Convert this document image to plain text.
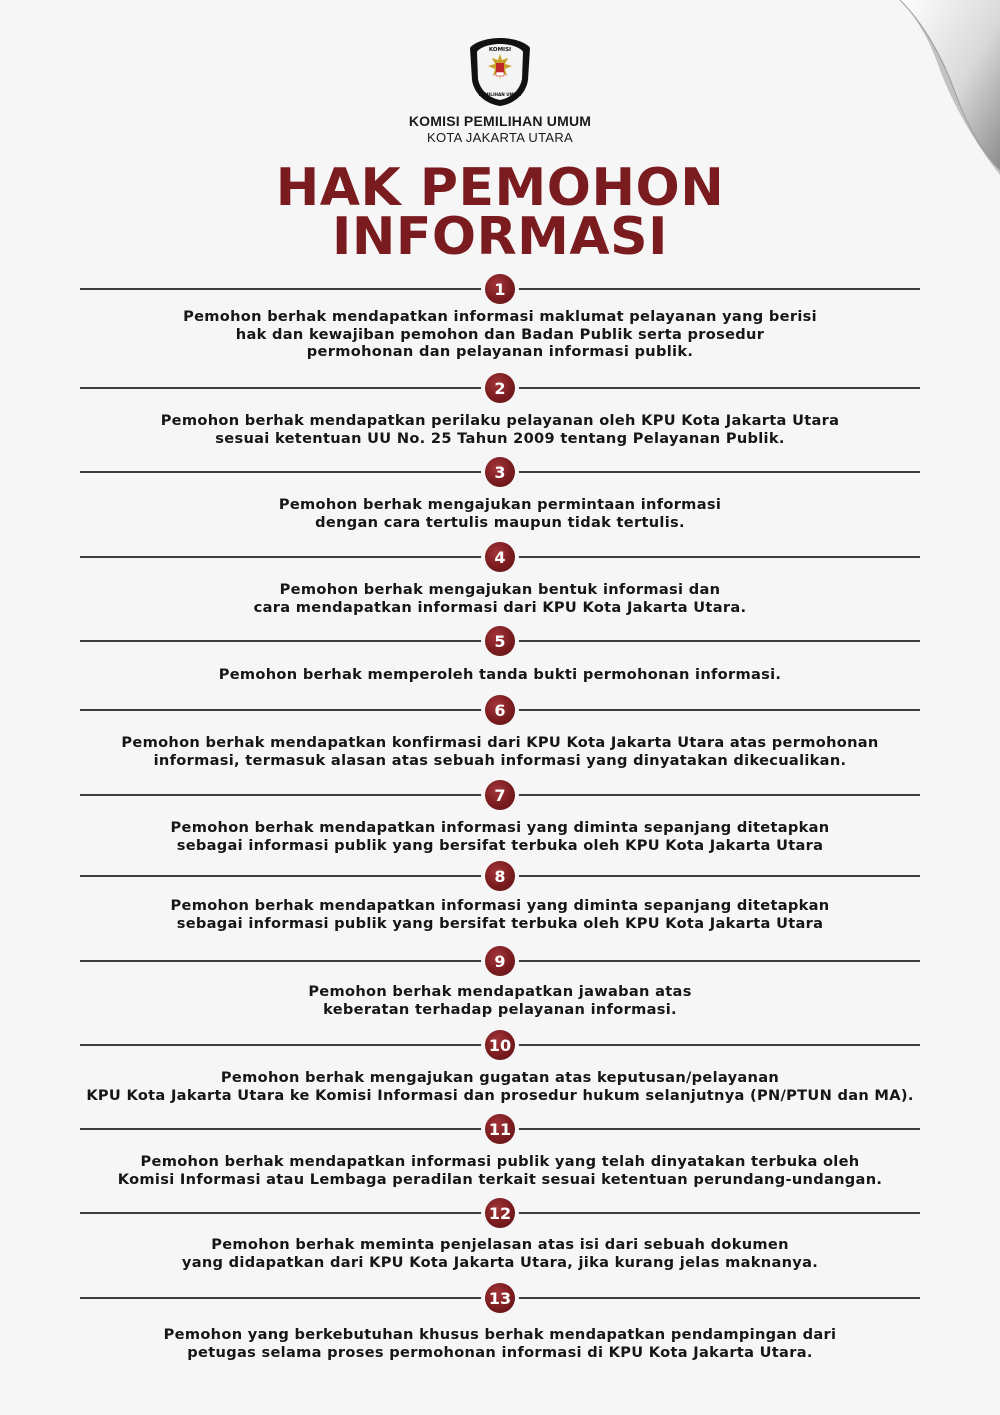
KOMISI
PEMILIHAN UMUM
KOMISI PEMILIHAN UMUM
KOTA JAKARTA UTARA
HAK PEMOHON
INFORMASI
1
Pemohon berhak mendapatkan informasi maklumat pelayanan yang berisi
hak dan kewajiban pemohon dan Badan Publik serta prosedur
permohonan dan pelayanan informasi publik.
2
Pemohon berhak mendapatkan perilaku pelayanan oleh KPU Kota Jakarta Utara
sesuai ketentuan UU No. 25 Tahun 2009 tentang Pelayanan Publik.
3
Pemohon berhak mengajukan permintaan informasi
dengan cara tertulis maupun tidak tertulis.
4
Pemohon berhak mengajukan bentuk informasi dan
cara mendapatkan informasi dari KPU Kota Jakarta Utara.
5
Pemohon berhak memperoleh tanda bukti permohonan informasi.
6
Pemohon berhak mendapatkan konfirmasi dari KPU Kota Jakarta Utara atas permohonan
informasi, termasuk alasan atas sebuah informasi yang dinyatakan dikecualikan.
7
Pemohon berhak mendapatkan informasi yang diminta sepanjang ditetapkan
sebagai informasi publik yang bersifat terbuka oleh KPU Kota Jakarta Utara
8
Pemohon berhak mendapatkan informasi yang diminta sepanjang ditetapkan
sebagai informasi publik yang bersifat terbuka oleh KPU Kota Jakarta Utara
9
Pemohon berhak mendapatkan jawaban atas
keberatan terhadap pelayanan informasi.
10
Pemohon berhak mengajukan gugatan atas keputusan/pelayanan
KPU Kota Jakarta Utara ke Komisi Informasi dan prosedur hukum selanjutnya (PN/PTUN dan MA).
11
Pemohon berhak mendapatkan informasi publik yang telah dinyatakan terbuka oleh
Komisi Informasi atau Lembaga peradilan terkait sesuai ketentuan perundang-undangan.
12
Pemohon berhak meminta penjelasan atas isi dari sebuah dokumen
yang didapatkan dari KPU Kota Jakarta Utara, jika kurang jelas maknanya.
13
Pemohon yang berkebutuhan khusus berhak mendapatkan pendampingan dari
petugas selama proses permohonan informasi di KPU Kota Jakarta Utara.
